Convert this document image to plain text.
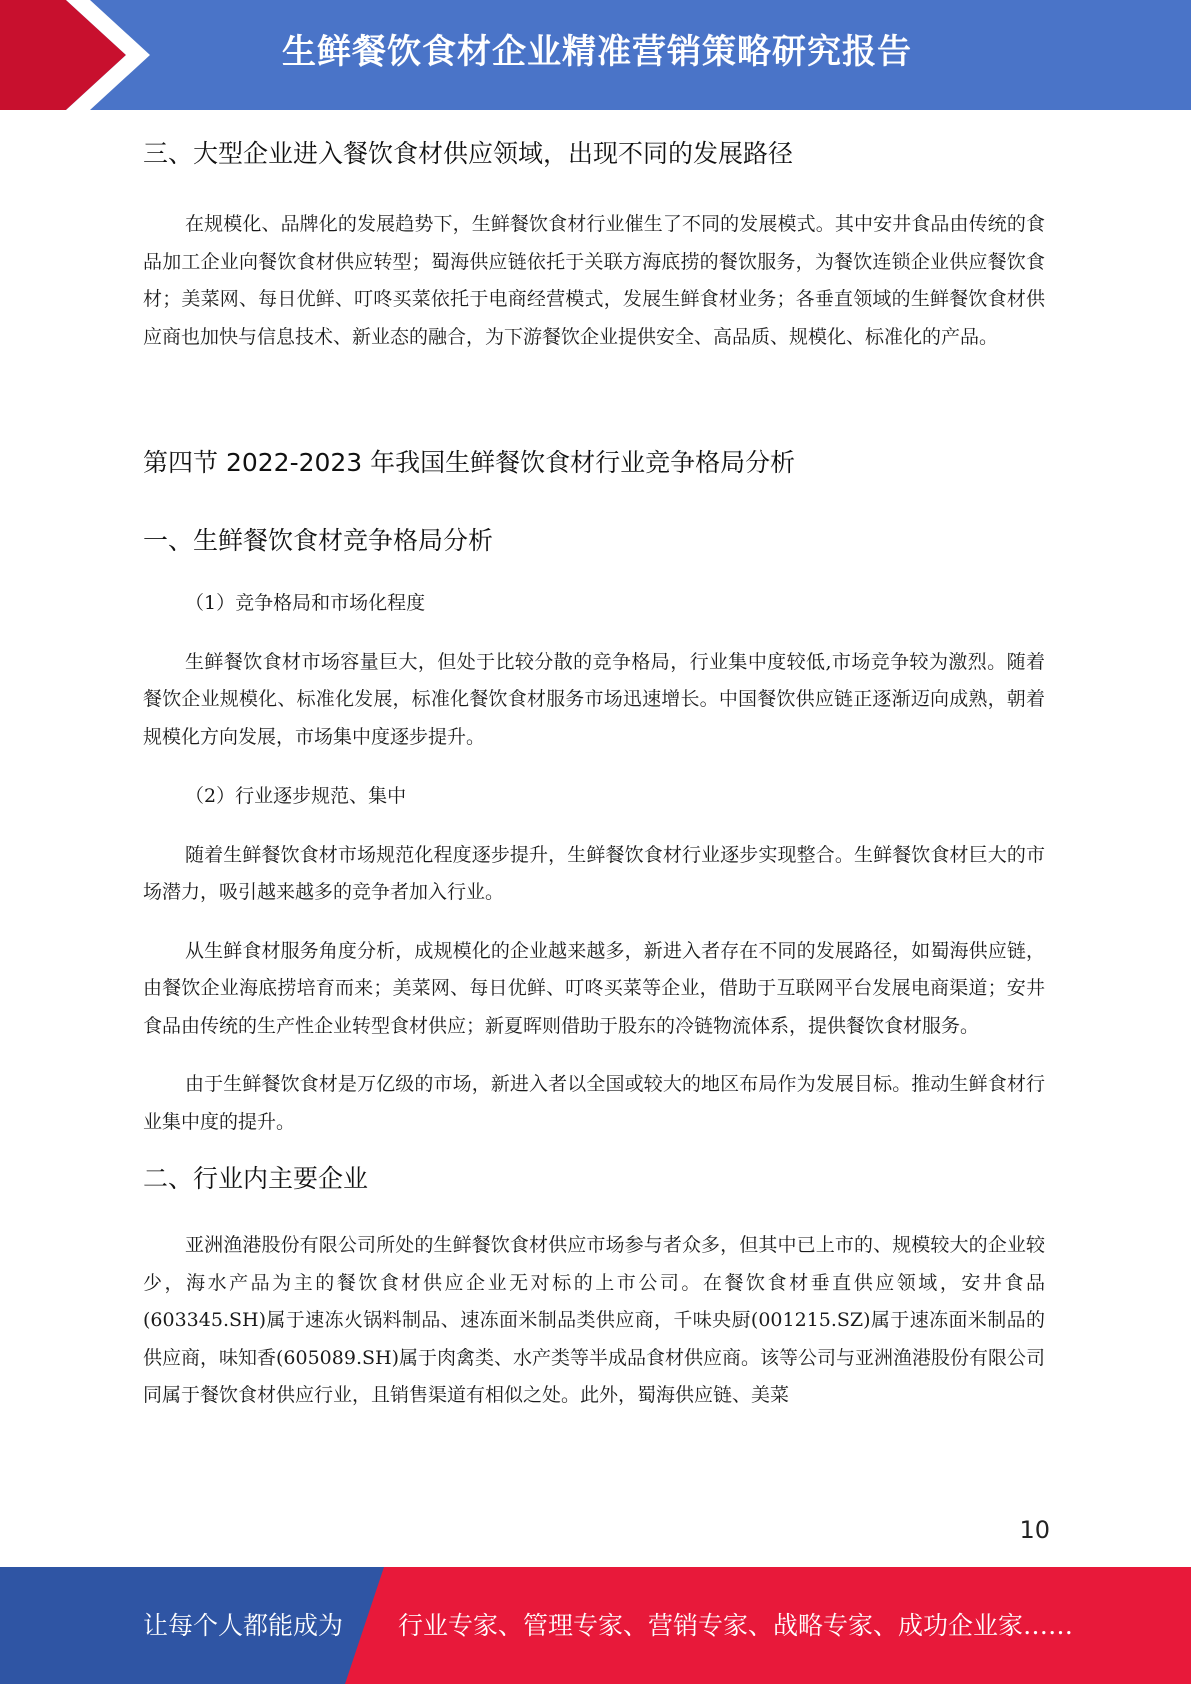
生鲜餐饮食材企业精准营销策略研究报告
三、大型企业进入餐饮食材供应领域，出现不同的发展路径

在规模化、品牌化的发展趋势下，生鲜餐饮食材行业催生了不同的发展模式。其中安井食品由传统的食品加工企业向餐饮食材供应转型；蜀海供应链依托于关联方海底捞的餐饮服务，为餐饮连锁企业供应餐饮食材；美菜网、每日优鲜、叮咚买菜依托于电商经营模式，发展生鲜食材业务；各垂直领域的生鲜餐饮食材供应商也加快与信息技术、新业态的融合，为下游餐饮企业提供安全、高品质、规模化、标准化的产品。

第四节 2022-2023 年我国生鲜餐饮食材行业竞争格局分析
一、生鲜餐饮食材竞争格局分析

（1）竞争格局和市场化程度

生鲜餐饮食材市场容量巨大，但处于比较分散的竞争格局，行业集中度较低,市场竞争较为激烈。随着餐饮企业规模化、标准化发展，标准化餐饮食材服务市场迅速增长。中国餐饮供应链正逐渐迈向成熟，朝着规模化方向发展，市场集中度逐步提升。

（2）行业逐步规范、集中

随着生鲜餐饮食材市场规范化程度逐步提升，生鲜餐饮食材行业逐步实现整合。生鲜餐饮食材巨大的市场潜力，吸引越来越多的竞争者加入行业。

从生鲜食材服务角度分析，成规模化的企业越来越多，新进入者存在不同的发展路径，如蜀海供应链，由餐饮企业海底捞培育而来；美菜网、每日优鲜、叮咚买菜等企业，借助于互联网平台发展电商渠道；安井食品由传统的生产性企业转型食材供应；新夏晖则借助于股东的冷链物流体系，提供餐饮食材服务。

由于生鲜餐饮食材是万亿级的市场，新进入者以全国或较大的地区布局作为发展目标。推动生鲜食材行业集中度的提升。

二、行业内主要企业

亚洲渔港股份有限公司所处的生鲜餐饮食材供应市场参与者众多，但其中已上市的、规模较大的企业较少，海水产品为主的餐饮食材供应企业无对标的上市公司。在餐饮食材垂直供应领域，安井食品(603345.SH)属于速冻火锅料制品、速冻面米制品类供应商，千味央厨(001215.SZ)属于速冻面米制品的供应商，味知香(605089.SH)属于肉禽类、水产类等半成品食材供应商。该等公司与亚洲渔港股份有限公司同属于餐饮食材供应行业，且销售渠道有相似之处。此外，蜀海供应链、美菜

10
让每个人都能成为 行业专家、管理专家、营销专家、战略专家、成功企业家……
